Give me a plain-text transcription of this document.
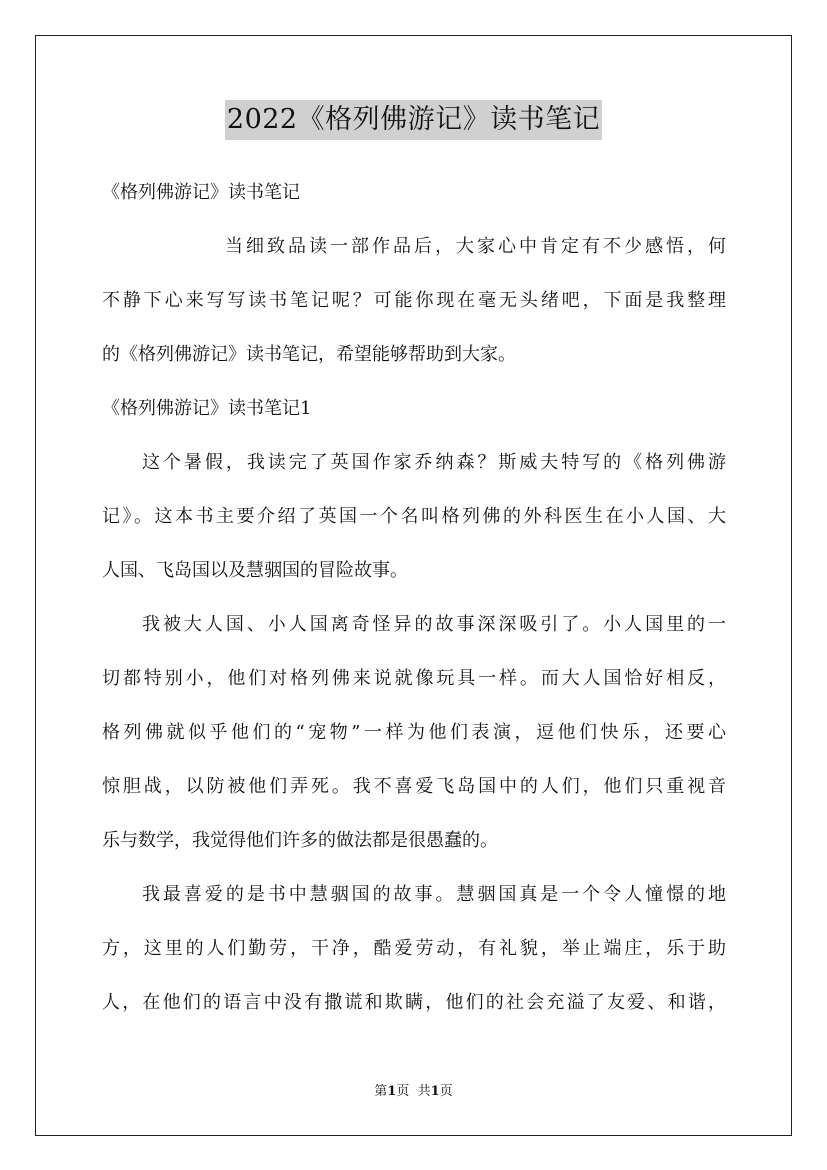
2022《格列佛游记》读书笔记
《格列佛游记》读书笔记
当细致品读一部作品后，大家心中肯定有不少感悟，何
不静下心来写写读书笔记呢？可能你现在毫无头绪吧，下面是我整理
的《格列佛游记》读书笔记，希望能够帮助到大家。
《格列佛游记》读书笔记1
这个暑假，我读完了英国作家乔纳森？斯威夫特写的《格列佛游
记》。这本书主要介绍了英国一个名叫格列佛的外科医生在小人国、大
人国、飞岛国以及慧骃国的冒险故事。
我被大人国、小人国离奇怪异的故事深深吸引了。小人国里的一
切都特别小，他们对格列佛来说就像玩具一样。而大人国恰好相反，
格列佛就似乎他们的“宠物”一样为他们表演，逗他们快乐，还要心
惊胆战，以防被他们弄死。我不喜爱飞岛国中的人们，他们只重视音
乐与数学，我觉得他们许多的做法都是很愚蠢的。
我最喜爱的是书中慧骃国的故事。慧骃国真是一个令人憧憬的地
方，这里的人们勤劳，干净，酷爱劳动，有礼貌，举止端庄，乐于助
人，在他们的语言中没有撒谎和欺瞒，他们的社会充溢了友爱、和谐，
第1页 共1页
